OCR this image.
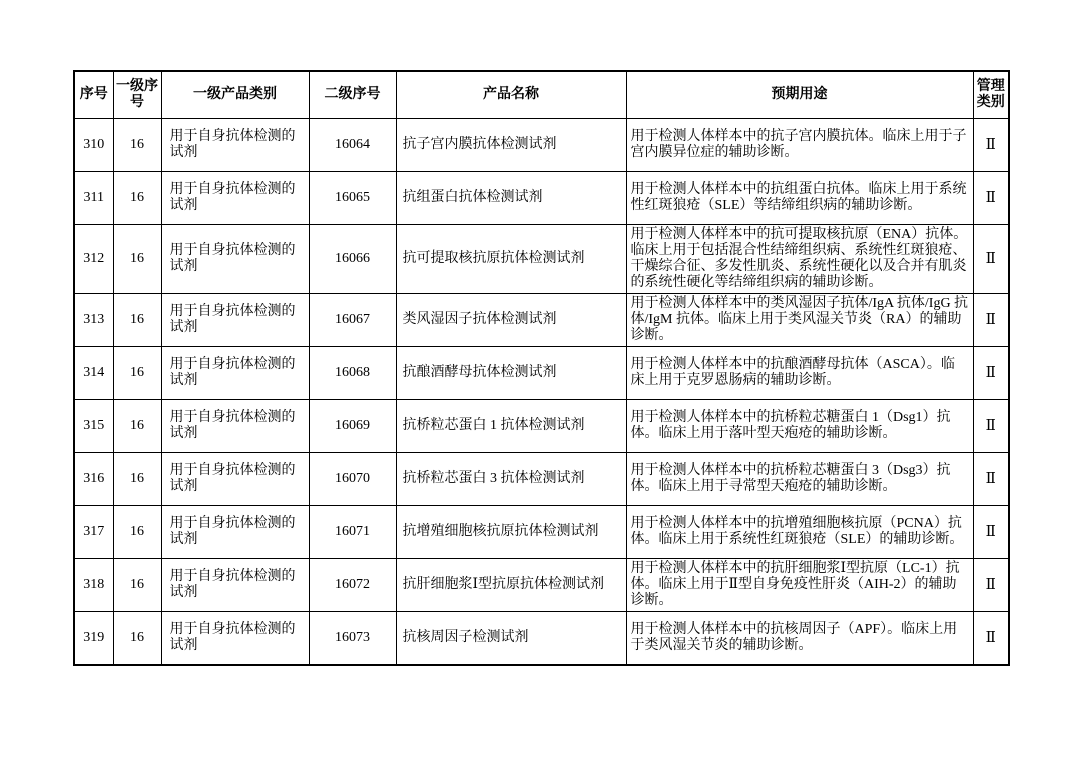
序号	一级序号	一级产品类别	二级序号	产品名称	预期用途	管理类别
310	16	用于自身抗体检测的试剂	16064	抗子宫内膜抗体检测试剂	用于检测人体样本中的抗子宫内膜抗体。临床上用于子宫内膜异位症的辅助诊断。	Ⅱ
311	16	用于自身抗体检测的试剂	16065	抗组蛋白抗体检测试剂	用于检测人体样本中的抗组蛋白抗体。临床上用于系统性红斑狼疮（SLE）等结缔组织病的辅助诊断。	Ⅱ
312	16	用于自身抗体检测的试剂	16066	抗可提取核抗原抗体检测试剂	用于检测人体样本中的抗可提取核抗原（ENA）抗体。临床上用于包括混合性结缔组织病、系统性红斑狼疮、干燥综合征、多发性肌炎、系统性硬化以及合并有肌炎的系统性硬化等结缔组织病的辅助诊断。	Ⅱ
313	16	用于自身抗体检测的试剂	16067	类风湿因子抗体检测试剂	用于检测人体样本中的类风湿因子抗体/IgA 抗体/IgG 抗体/IgM 抗体。临床上用于类风湿关节炎（RA）的辅助诊断。	Ⅱ
314	16	用于自身抗体检测的试剂	16068	抗酿酒酵母抗体检测试剂	用于检测人体样本中的抗酿酒酵母抗体（ASCA）。临床上用于克罗恩肠病的辅助诊断。	Ⅱ
315	16	用于自身抗体检测的试剂	16069	抗桥粒芯蛋白 1 抗体检测试剂	用于检测人体样本中的抗桥粒芯糖蛋白 1（Dsg1）抗体。临床上用于落叶型天疱疮的辅助诊断。	Ⅱ
316	16	用于自身抗体检测的试剂	16070	抗桥粒芯蛋白 3 抗体检测试剂	用于检测人体样本中的抗桥粒芯糖蛋白 3（Dsg3）抗体。临床上用于寻常型天疱疮的辅助诊断。	Ⅱ
317	16	用于自身抗体检测的试剂	16071	抗增殖细胞核抗原抗体检测试剂	用于检测人体样本中的抗增殖细胞核抗原（PCNA）抗体。临床上用于系统性红斑狼疮（SLE）的辅助诊断。	Ⅱ
318	16	用于自身抗体检测的试剂	16072	抗肝细胞浆Ⅰ型抗原抗体检测试剂	用于检测人体样本中的抗肝细胞浆Ⅰ型抗原（LC-1）抗体。临床上用于Ⅱ型自身免疫性肝炎（AIH-2）的辅助诊断。	Ⅱ
319	16	用于自身抗体检测的试剂	16073	抗核周因子检测试剂	用于检测人体样本中的抗核周因子（APF）。临床上用于类风湿关节炎的辅助诊断。	Ⅱ
